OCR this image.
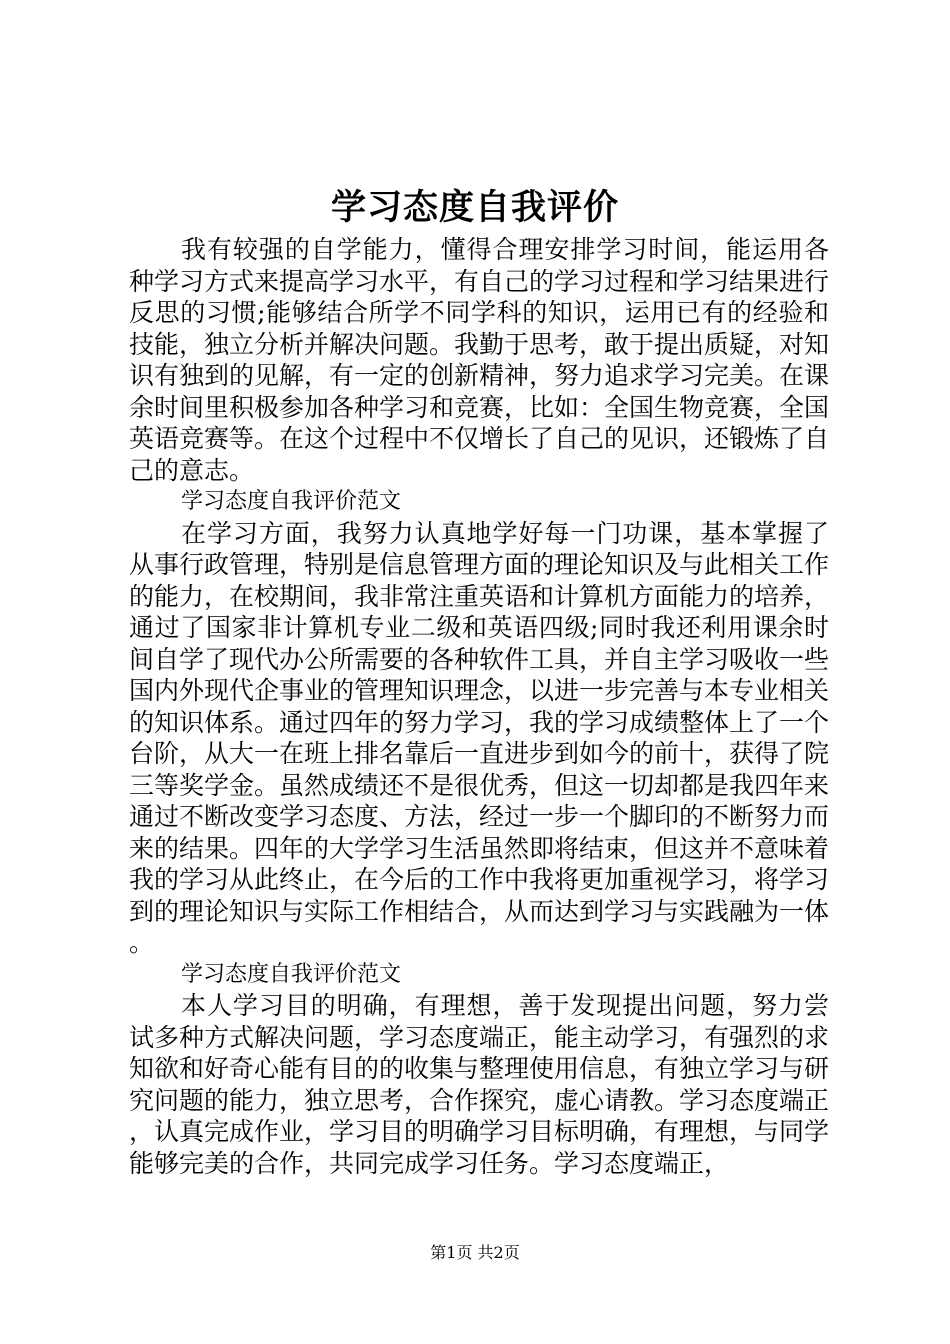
学习态度自我评价

我有较强的自学能力，懂得合理安排学习时间，能运用各种学习方式来提高学习水平，有自己的学习过程和学习结果进行反思的习惯;能够结合所学不同学科的知识，运用已有的经验和技能，独立分析并解决问题。我勤于思考，敢于提出质疑，对知识有独到的见解，有一定的创新精神，努力追求学习完美。在课余时间里积极参加各种学习和竞赛，比如：全国生物竞赛，全国英语竞赛等。在这个过程中不仅增长了自己的见识，还锻炼了自己的意志。

学习态度自我评价范文

在学习方面，我努力认真地学好每一门功课，基本掌握了从事行政管理，特别是信息管理方面的理论知识及与此相关工作的能力，在校期间，我非常注重英语和计算机方面能力的培养，通过了国家非计算机专业二级和英语四级;同时我还利用课余时间自学了现代办公所需要的各种软件工具，并自主学习吸收一些国内外现代企事业的管理知识理念，以进一步完善与本专业相关的知识体系。通过四年的努力学习，我的学习成绩整体上了一个台阶，从大一在班上排名靠后一直进步到如今的前十，获得了院三等奖学金。虽然成绩还不是很优秀，但这一切却都是我四年来通过不断改变学习态度、方法，经过一步一个脚印的不断努力而来的结果。四年的大学学习生活虽然即将结束，但这并不意味着我的学习从此终止，在今后的工作中我将更加重视学习，将学习到的理论知识与实际工作相结合，从而达到学习与实践融为一体。

学习态度自我评价范文

本人学习目的明确，有理想，善于发现提出问题，努力尝试多种方式解决问题，学习态度端正，能主动学习，有强烈的求知欲和好奇心能有目的的收集与整理使用信息，有独立学习与研究问题的能力，独立思考，合作探究，虚心请教。学习态度端正，认真完成作业，学习目的明确学习目标明确，有理想，与同学能够完美的合作，共同完成学习任务。学习态度端正，

第1页 共2页
